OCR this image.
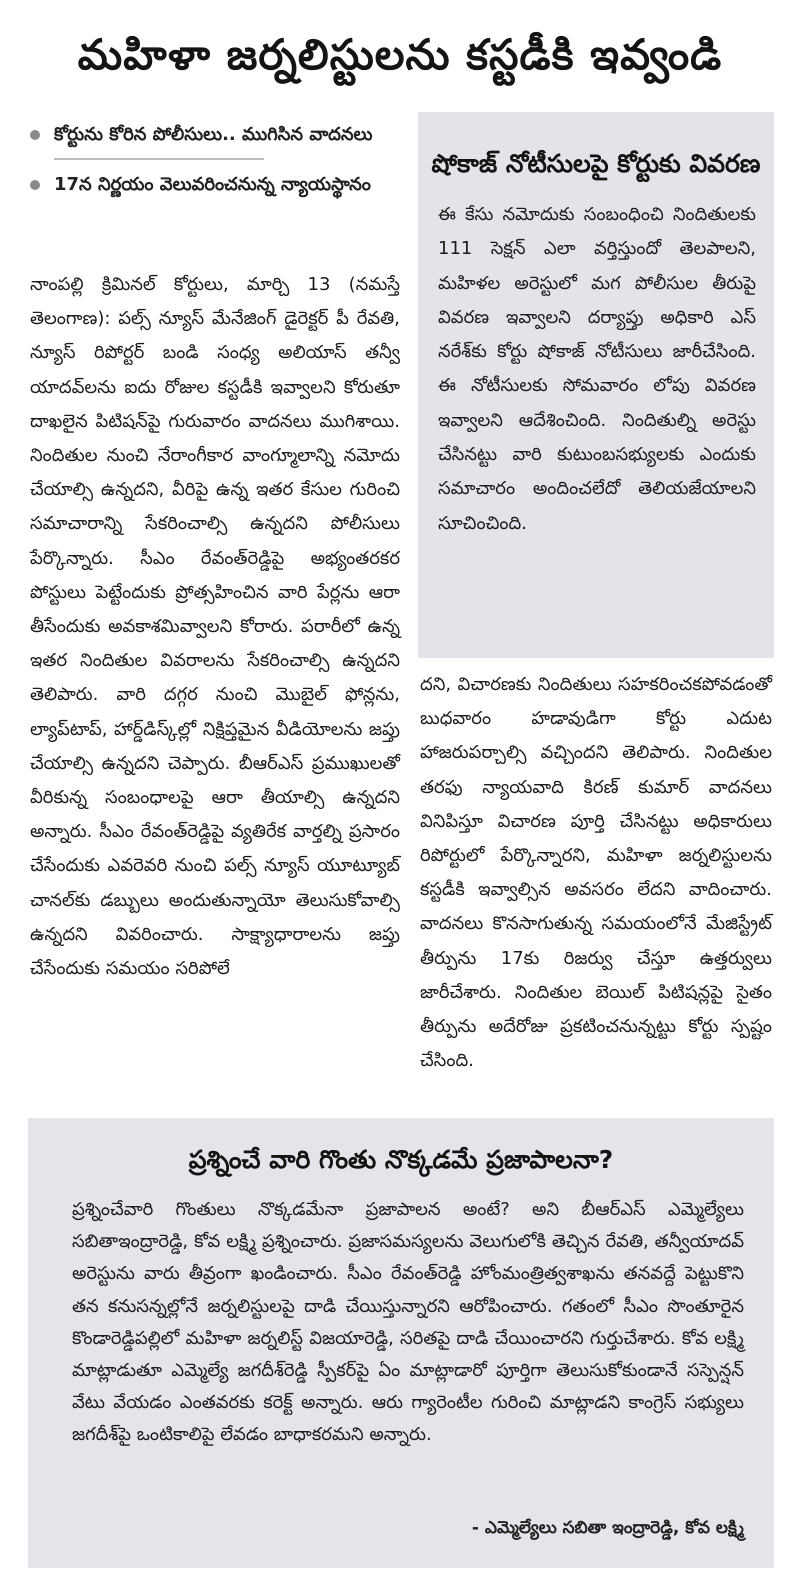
మహిళా జర్నలిస్టులను కస్టడీకి ఇవ్వండి
కోర్టును కోరిన పోలీసులు.. ముగిసిన వాదనలు
17న నిర్ణయం వెలువరించనున్న న్యాయస్థానం
నాంపల్లి క్రిమినల్ కోర్టులు, మార్చి 13 (నమస్తే తెలంగాణ): పల్స్ న్యూస్ మేనేజింగ్ డైరెక్టర్ పీ రేవతి, న్యూస్ రిపోర్టర్ బండి సంధ్య అలియాస్ తన్వీ యాదవ్‌లను ఐదు రోజుల కస్టడీకి ఇవ్వాలని కోరుతూ దాఖలైన పిటిషన్‌పై గురువారం వాదనలు ముగిశాయి. నిందితుల నుంచి నేరాంగీకార వాంగ్మూలాన్ని నమోదు చేయాల్సి ఉన్నదని, వీరిపై ఉన్న ఇతర కేసుల గురించి సమాచారాన్ని సేకరించాల్సి ఉన్నదని పోలీసులు పేర్కొన్నారు. సీఎం రేవంత్‌రెడ్డిపై అభ్యంతరకర పోస్టులు పెట్టేందుకు ప్రోత్సహించిన వారి పేర్లను ఆరా తీసేందుకు అవకాశమివ్వాలని కోరారు. పరారీలో ఉన్న ఇతర నిందితుల వివరాలను సేకరించాల్సి ఉన్నదని తెలిపారు. వారి దగ్గర నుంచి మొబైల్ ఫోన్లను, ల్యాప్‌టాప్, హార్డ్‌డిస్క్‌ల్లో నిక్షిప్తమైన వీడియోలను జప్తు చేయాల్సి ఉన్నదని చెప్పారు. బీఆర్‌ఎస్ ప్రముఖులతో వీరికున్న సంబంధాలపై ఆరా తీయాల్సి ఉన్నదని అన్నారు. సీఎం రేవంత్‌రెడ్డిపై వ్యతిరేక వార్తల్ని ప్రసారం చేసేందుకు ఎవరెవరి నుంచి పల్స్ న్యూస్ యూట్యూబ్ చానల్‌కు డబ్బులు అందుతున్నాయో తెలుసుకోవాల్సి ఉన్నదని వివరించారు. సాక్ష్యాధారాలను జప్తు చేసేందుకు సమయం సరిపోలే
షోకాజ్ నోటీసులపై కోర్టుకు వివరణ
ఈ కేసు నమోదుకు సంబంధించి నిందితులకు 111 సెక్షన్ ఎలా వర్తిస్తుందో తెలపాలని, మహిళల అరెస్టులో మగ పోలీసుల తీరుపై వివరణ ఇవ్వాలని దర్యాప్తు అధికారి ఎస్ నరేశ్‌కు కోర్టు షోకాజ్ నోటీసులు జారీచేసింది. ఈ నోటీసులకు సోమవారం లోపు వివరణ ఇవ్వాలని ఆదేశించింది. నిందితుల్ని అరెస్టు చేసినట్టు వారి కుటుంబసభ్యులకు ఎందుకు సమాచారం అందించలేదో తెలియజేయాలని సూచించింది.
దని, విచారణకు నిందితులు సహకరించకపోవడంతో బుధవారం హడావుడిగా కోర్టు ఎదుట హాజరుపర్చాల్సి వచ్చిందని తెలిపారు. నిందితుల తరఫు న్యాయవాది కిరణ్ కుమార్ వాదనలు వినిపిస్తూ విచారణ పూర్తి చేసినట్టు అధికారులు రిపోర్టులో పేర్కొన్నారని, మహిళా జర్నలిస్టులను కస్టడీకి ఇవ్వాల్సిన అవసరం లేదని వాదించారు. వాదనలు కొనసాగుతున్న సమయంలోనే మేజిస్ట్రేట్ తీర్పును 17కు రిజర్వు చేస్తూ ఉత్తర్వులు జారీచేశారు. నిందితుల బెయిల్ పిటిషన్లపై సైతం తీర్పును అదేరోజు ప్రకటించనున్నట్టు కోర్టు స్పష్టం చేసింది.
ప్రశ్నించే వారి గొంతు నొక్కడమే ప్రజాపాలనా?
ప్రశ్నించేవారి గొంతులు నొక్కడమేనా ప్రజాపాలన అంటే? అని బీఆర్‌ఎస్ ఎమ్మెల్యేలు సబితాఇంద్రారెడ్డి, కోవ లక్ష్మి ప్రశ్నించారు. ప్రజాసమస్యలను వెలుగులోకి తెచ్చిన రేవతి, తన్వీయాదవ్ అరెస్టును వారు తీవ్రంగా ఖండించారు. సీఎం రేవంత్‌రెడ్డి హోంమంత్రిత్వశాఖను తనవద్దే పెట్టుకొని తన కనుసన్నల్లోనే జర్నలిస్టులపై దాడి చేయిస్తున్నారని ఆరోపించారు. గతంలో సీఎం సొంతూరైన కొండారెడ్డిపల్లిలో మహిళా జర్నలిస్ట్ విజయారెడ్డి, సరితపై దాడి చేయించారని గుర్తుచేశారు. కోవ లక్ష్మి మాట్లాడుతూ ఎమ్మెల్యే జగదీశ్‌రెడ్డి స్పీకర్‌పై ఏం మాట్లాడారో పూర్తిగా తెలుసుకోకుండానే సస్పెన్షన్ వేటు వేయడం ఎంతవరకు కరెక్ట్ అన్నారు. ఆరు గ్యారెంటీల గురించి మాట్లాడని కాంగ్రెస్ సభ్యులు జగదీశ్‌పై ఒంటికాలిపై లేవడం బాధాకరమని అన్నారు.
- ఎమ్మెల్యేలు సబితా ఇంద్రారెడ్డి, కోవ లక్ష్మి
